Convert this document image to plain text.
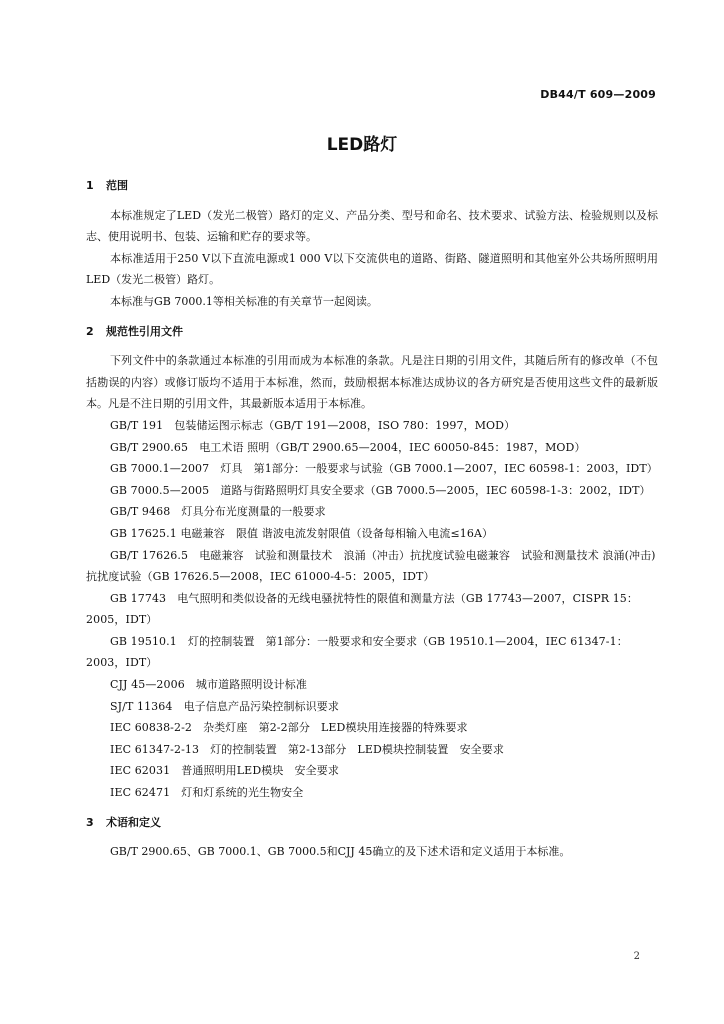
DB44/T 609—2009
LED路灯
1 范围

本标准规定了LED（发光二极管）路灯的定义、产品分类、型号和命名、技术要求、试验方法、检验规则以及标志、使用说明书、包装、运输和贮存的要求等。

本标准适用于250 V以下直流电源或1 000 V以下交流供电的道路、街路、隧道照明和其他室外公共场所照明用LED（发光二极管）路灯。

本标准与GB 7000.1等相关标准的有关章节一起阅读。

2 规范性引用文件

下列文件中的条款通过本标准的引用而成为本标准的条款。凡是注日期的引用文件，其随后所有的修改单（不包括勘误的内容）或修订版均不适用于本标准，然而，鼓励根据本标准达成协议的各方研究是否使用这些文件的最新版本。凡是不注日期的引用文件，其最新版本适用于本标准。

GB/T 191　包装储运图示标志（GB/T 191—2008，ISO 780：1997，MOD）

GB/T 2900.65　电工术语 照明（GB/T 2900.65—2004，IEC 60050-845：1987，MOD）

GB 7000.1—2007　灯具　第1部分：一般要求与试验（GB 7000.1—2007，IEC 60598-1：2003，IDT）

GB 7000.5—2005　道路与街路照明灯具安全要求（GB 7000.5—2005，IEC 60598-1-3：2002，IDT）

GB/T 9468　灯具分布光度测量的一般要求

GB 17625.1 电磁兼容　限值 谐波电流发射限值（设备每相输入电流≤16A）

GB/T 17626.5　电磁兼容　试验和测量技术　浪涌（冲击）抗扰度试验电磁兼容　试验和测量技术 浪涌(冲击)抗扰度试验（GB 17626.5—2008，IEC 61000-4-5：2005，IDT）

GB 17743　电气照明和类似设备的无线电骚扰特性的限值和测量方法（GB 17743—2007，CISPR 15：2005，IDT）

GB 19510.1　灯的控制装置　第1部分：一般要求和安全要求（GB 19510.1—2004，IEC 61347-1：2003，IDT）

CJJ 45—2006　城市道路照明设计标准

SJ/T 11364　电子信息产品污染控制标识要求

IEC 60838-2-2　杂类灯座　第2-2部分　LED模块用连接器的特殊要求

IEC 61347-2-13　灯的控制装置　第2-13部分　LED模块控制装置　安全要求

IEC 62031　普通照明用LED模块　安全要求

IEC 62471　灯和灯系统的光生物安全

3 术语和定义

GB/T 2900.65、GB 7000.1、GB 7000.5和CJJ 45确立的及下述术语和定义适用于本标准。

2
